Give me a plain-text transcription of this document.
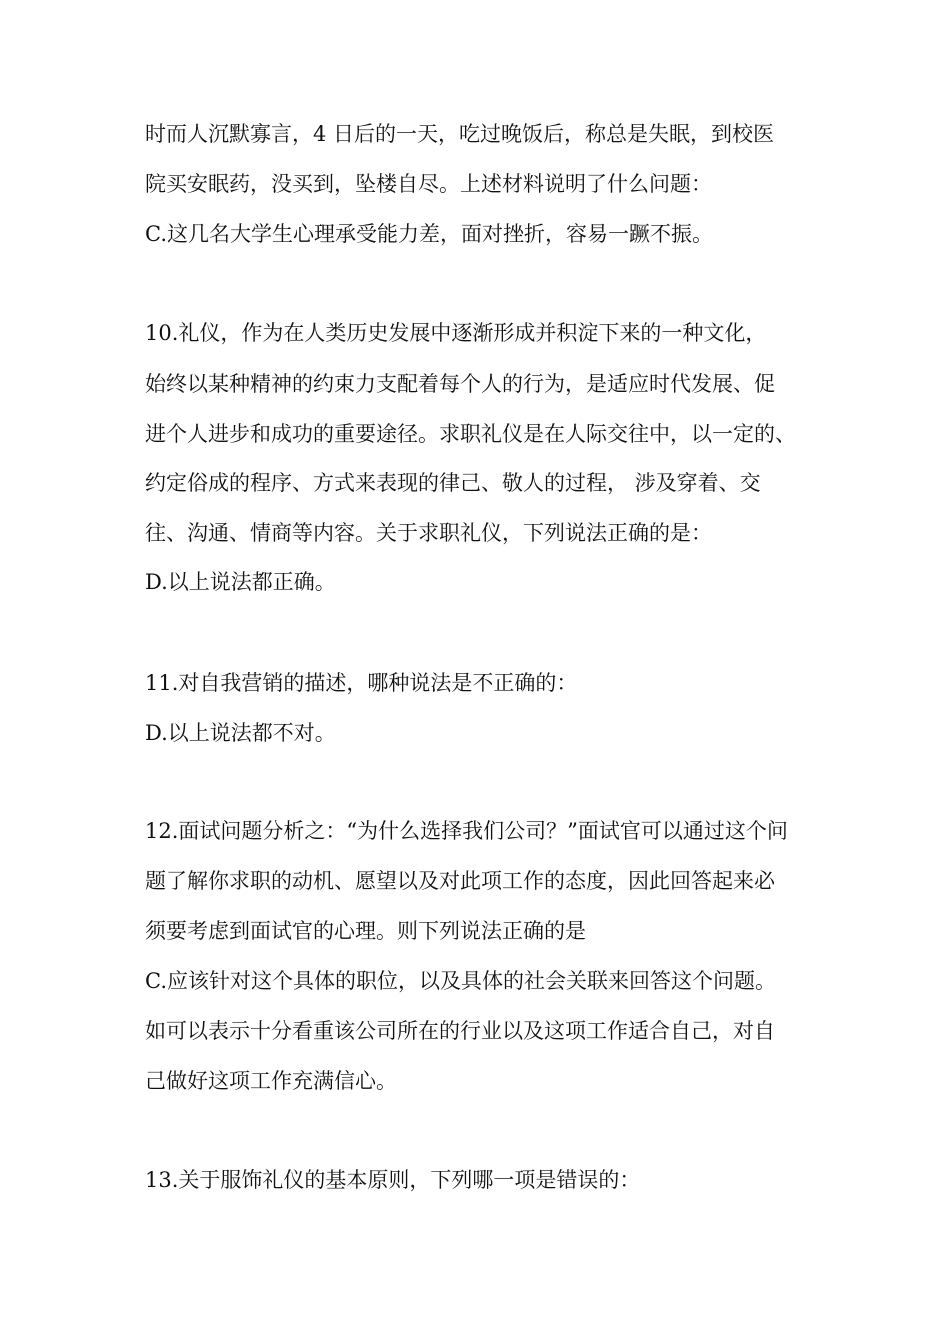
时而人沉默寡言，4 日后的一天，吃过晚饭后，称总是失眠，到校医

院买安眠药，没买到，坠楼自尽。上述材料说明了什么问题：

C.这几名大学生心理承受能力差，面对挫折，容易一蹶不振。

10.礼仪，作为在人类历史发展中逐渐形成并积淀下来的一种文化，

始终以某种精神的约束力支配着每个人的行为，是适应时代发展、促

进个人进步和成功的重要途径。求职礼仪是在人际交往中，以一定的、

约定俗成的程序、方式来表现的律己、敬人的过程， 涉及穿着、交

往、沟通、情商等内容。关于求职礼仪，下列说法正确的是：

D.以上说法都正确。

11.对自我营销的描述，哪种说法是不正确的：

D.以上说法都不对。

12.面试问题分析之：“为什么选择我们公司？”面试官可以通过这个问

题了解你求职的动机、愿望以及对此项工作的态度，因此回答起来必

须要考虑到面试官的心理。则下列说法正确的是

C.应该针对这个具体的职位，以及具体的社会关联来回答这个问题。

如可以表示十分看重该公司所在的行业以及这项工作适合自己，对自

己做好这项工作充满信心。

13.关于服饰礼仪的基本原则，下列哪一项是错误的：
